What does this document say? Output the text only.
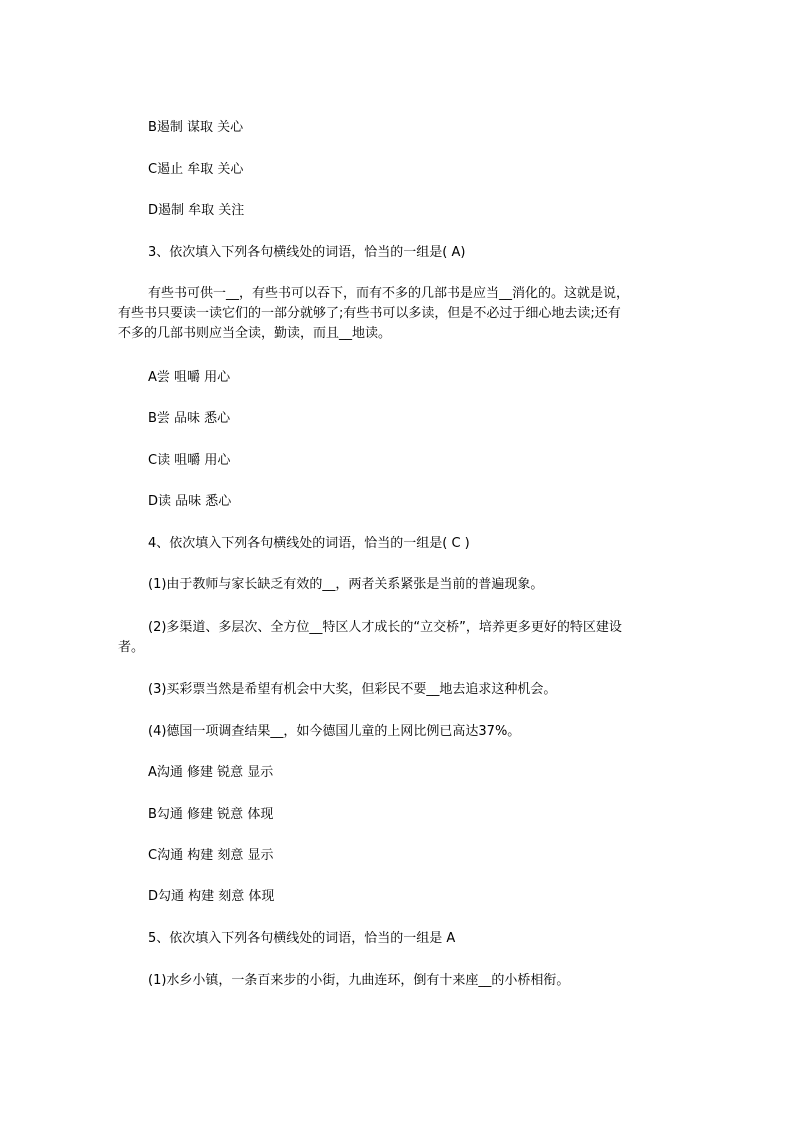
B遏制 谋取 关心
C遏止 牟取 关心
D遏制 牟取 关注
3、依次填入下列各句横线处的词语，恰当的一组是( A)
有些书可供一__，有些书可以吞下，而有不多的几部书是应当__消化的。这就是说，
有些书只要读一读它们的一部分就够了;有些书可以多读，但是不必过于细心地去读;还有
不多的几部书则应当全读，勤读，而且__地读。
A尝 咀嚼 用心
B尝 品味 悉心
C读 咀嚼 用心
D读 品味 悉心
4、依次填入下列各句横线处的词语，恰当的一组是( C )
(1)由于教师与家长缺乏有效的__，两者关系紧张是当前的普遍现象。
(2)多渠道、多层次、全方位__特区人才成长的“立交桥”，培养更多更好的特区建设
者。
(3)买彩票当然是希望有机会中大奖，但彩民不要__地去追求这种机会。
(4)德国一项调查结果__，如今德国儿童的上网比例已高达37%。
A沟通 修建 锐意 显示
B勾通 修建 锐意 体现
C沟通 构建 刻意 显示
D勾通 构建 刻意 体现
5、依次填入下列各句横线处的词语，恰当的一组是 A
(1)水乡小镇，一条百来步的小街，九曲连环，倒有十来座__的小桥相衔。
